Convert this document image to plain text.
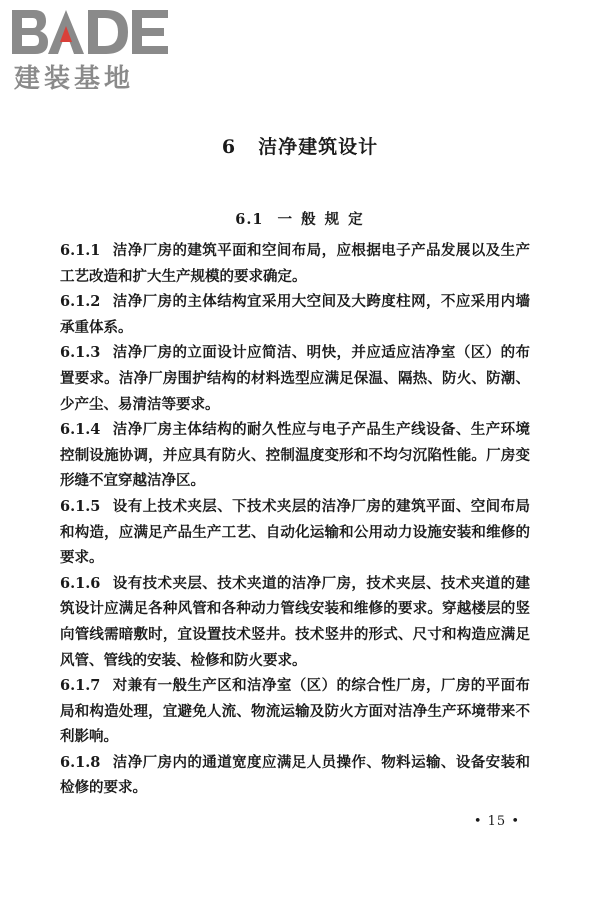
建装基地
6 洁净建筑设计
6.1 一 般 规 定

6.1.1 洁净厂房的建筑平面和空间布局，应根据电子产品发展以及生产工艺改造和扩大生产规模的要求确定。

6.1.2 洁净厂房的主体结构宜采用大空间及大跨度柱网，不应采用内墙承重体系。

6.1.3 洁净厂房的立面设计应简洁、明快，并应适应洁净室（区）的布置要求。洁净厂房围护结构的材料选型应满足保温、隔热、防火、防潮、少产尘、易清洁等要求。

6.1.4 洁净厂房主体结构的耐久性应与电子产品生产线设备、生产环境控制设施协调，并应具有防火、控制温度变形和不均匀沉陷性能。厂房变形缝不宜穿越洁净区。

6.1.5 设有上技术夹层、下技术夹层的洁净厂房的建筑平面、空间布局和构造，应满足产品生产工艺、自动化运输和公用动力设施安装和维修的要求。

6.1.6 设有技术夹层、技术夹道的洁净厂房，技术夹层、技术夹道的建筑设计应满足各种风管和各种动力管线安装和维修的要求。穿越楼层的竖向管线需暗敷时，宜设置技术竖井。技术竖井的形式、尺寸和构造应满足风管、管线的安装、检修和防火要求。

6.1.7 对兼有一般生产区和洁净室（区）的综合性厂房，厂房的平面布局和构造处理，宜避免人流、物流运输及防火方面对洁净生产环境带来不利影响。

6.1.8 洁净厂房内的通道宽度应满足人员操作、物料运输、设备安装和检修的要求。

• 15 •
